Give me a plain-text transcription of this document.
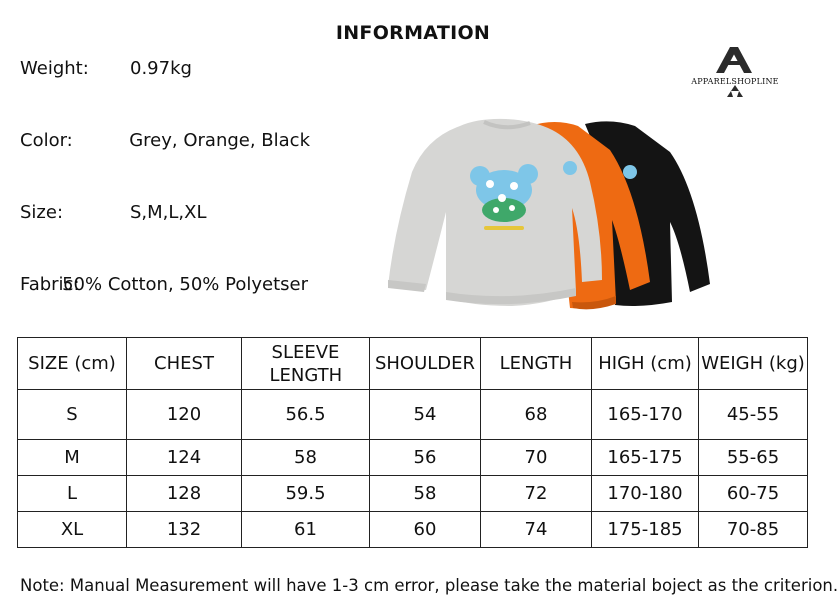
INFORMATION
Weight: 0.97kg
Color:	Grey, Orange, Black
Size:	S,M,L,XL
Fabric:
50% Cotton, 50% Polyetser
APPARELSHOPLINE
SIZE (cm)	CHEST	SLEEVE LENGTH	SHOULDER	LENGTH	HIGH (cm)	WEIGH (kg)
S	120	56.5	54	68	165-170	45-55
M	124	58	56	70	165-175	55-65
L	128	59.5	58	72	170-180	60-75
XL	132	61	60	74	175-185	70-85
Note: Manual Measurement will have 1-3 cm error, please take the material boject as the criterion.
